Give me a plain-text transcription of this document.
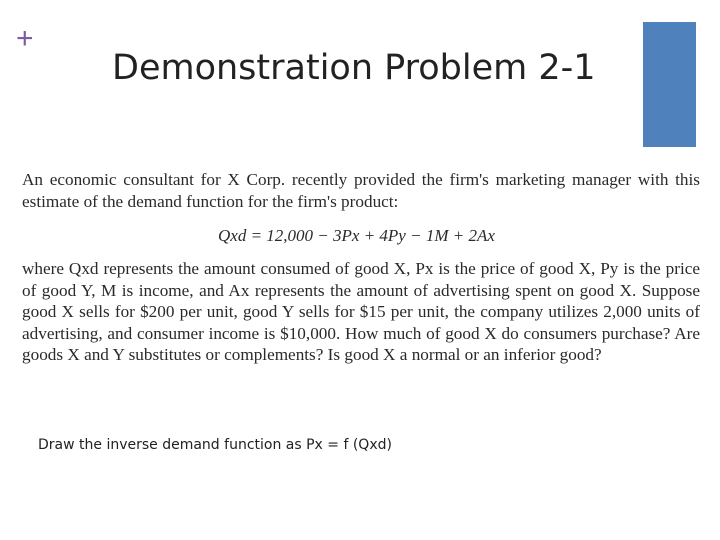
+
Demonstration Problem 2-1

An economic consultant for X Corp. recently provided the firm's marketing manager with this estimate of the demand function for the firm's product:

Qxd = 12,000 − 3Px + 4Py − 1M + 2Ax

where Qxd represents the amount consumed of good X, Px is the price of good X, Py is the price of good Y, M is income, and Ax represents the amount of advertising spent on good X. Suppose good X sells for $200 per unit, good Y sells for $15 per unit, the company utilizes 2,000 units of advertising, and consumer income is $10,000. How much of good X do consumers purchase? Are goods X and Y substitutes or complements? Is good X a normal or an inferior good?

Draw the inverse demand function as Px = f (Qxd)
